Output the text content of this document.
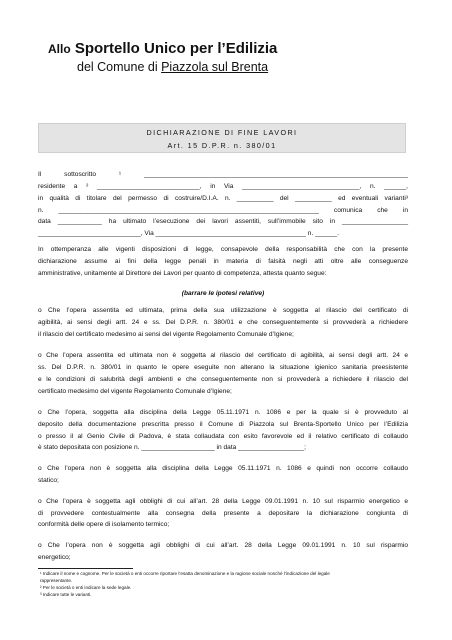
Allo Sportello Unico per l’Edilizia
del Comune di Piazzola sul Brenta
DICHIARAZIONE DI FINE LAVORI
Art. 15 D.P.R. n. 380/01
Il sottoscritto ¹ ________________________________________________________________________
residente a ² ____________________________, in Via ________________________________, n. ______,
in qualità di titolare del permesso di costruire/D.I.A. n. __________ del __________ ed eventuali varianti³
n. _______________________________________________________________________ comunica che in
data ____________ ha ultimato l’esecuzione dei lavori assentiti, sull’immobile sito in __________________
____________________________, Via _________________________________________ n. ______.
In ottemperanza alle vigenti disposizioni di legge, consapevole della responsabilità che con la presente
dichiarazione assume ai fini della legge penali in materia di falsità negli atti oltre alle conseguenze
amministrative, unitamente al Direttore dei Lavori per quanto di competenza, attesta quanto segue:
(barrare le ipotesi relative)
ο Che l’opera assentita ed ultimata, prima della sua utilizzazione è soggetta al rilascio del certificato di
agibilità, ai sensi degli artt. 24 e ss. Del D.P.R. n. 380/01 e che conseguentemente si provvederà a richiedere
il rilascio del certificato medesimo ai sensi del vigente Regolamento Comunale d’Igiene;
ο Che l’opera assentita ed ultimata non è soggetta al rilascio del certificato di agibilità, ai sensi degli artt. 24 e
ss. Del D.P.R. n. 380/01 in quanto le opere eseguite non alterano la situazione igienico sanitaria preesistente
e le condizioni di salubrità degli ambienti e che conseguentemente non si provvederà a richiedere il rilascio del
certificato medesimo del vigente Regolamento Comunale d’Igiene;
ο Che l’opera, soggetta alla disciplina della Legge 05.11.1971 n. 1086 e per la quale si è provveduto al
deposito della documentazione prescritta presso il Comune di Piazzola sul Brenta-Sportello Unico per l’Edilizia
o presso il al Genio Civile di Padova, è stata collaudata con esito favorevole ed il relativo certificato di collaudo
è stato depositata con posizione n. ____________________ in data __________________;
ο Che l’opera non è soggetta alla disciplina della Legge 05.11.1971 n. 1086 e quindi non occorre collaudo
statico;
ο Che l’opera è soggetta agli obblighi di cui all’art. 28 della Legge 09.01.1991 n. 10 sul risparmio energetico e
di provvedere contestualmente alla consegna della presente a depositare la dichiarazione congiunta di
conformità delle opere di isolamento termico;
ο Che l’opera non è soggetta agli obblighi di cui all’art. 28 della Legge 09.01.1991 n. 10 sul risparmio
energetico;
¹ Indicare il nome e cognome. Per le società o enti occorre riportare l’esatta denominazione e la ragione sociale nonché l’indicazione del legale
rappresentante.
² Per le società o enti indicare la sede legale.
³ Indicare tutte le varianti.
